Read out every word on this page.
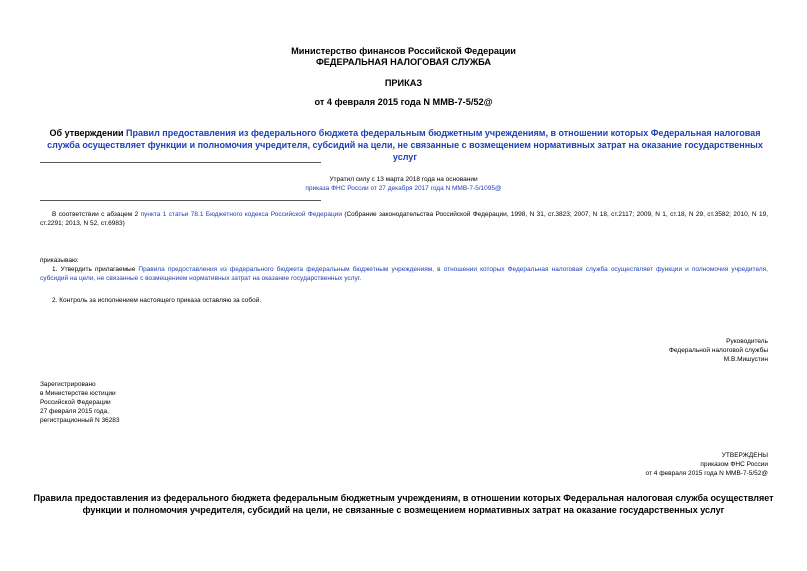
Министерство финансов Российской Федерации
ФЕДЕРАЛЬНАЯ НАЛОГОВАЯ СЛУЖБА
ПРИКАЗ
от 4 февраля 2015 года N ММВ-7-5/52@
Об утверждении Правил предоставления из федерального бюджета федеральным бюджетным учреждениям, в отношении которых Федеральная налоговая служба осуществляет функции и полномочия учредителя, субсидий на цели, не связанные с возмещением нормативных затрат на оказание государственных услуг
Утратил силу с 13 марта 2018 года на основании
приказа ФНС России от 27 декабря 2017 года N ММВ-7-5/1095@
В соответствии с абзацем 2 пункта 1 статьи 78.1 Бюджетного кодекса Российской Федерации (Собрание законодательства Российской Федерации, 1998, N 31, ст.3823; 2007, N 18, ст.2117; 2009, N 1, ст.18, N 29, ст.3582; 2010, N 19, ст.2291; 2013, N 52, ст.6983)
приказываю:
1. Утвердить прилагаемые Правила предоставления из федерального бюджета федеральным бюджетным учреждениям, в отношении которых Федеральная налоговая служба осуществляет функции и полномочия учредителя, субсидий на цели, не связанные с возмещением нормативных затрат на оказание государственных услуг.
2. Контроль за исполнением настоящего приказа оставляю за собой.
Руководитель
Федеральной налоговой службы
М.В.Мишустин
Зарегистрировано
в Министерстве юстиции
Российской Федерации
27 февраля 2015 года,
регистрационный N 36283
УТВЕРЖДЕНЫ
приказом ФНС России
от 4 февраля 2015 года N ММВ-7-5/52@
Правила предоставления из федерального бюджета федеральным бюджетным учреждениям, в отношении которых Федеральная налоговая служба осуществляет функции и полномочия учредителя, субсидий на цели, не связанные с возмещением нормативных затрат на оказание государственных услуг
